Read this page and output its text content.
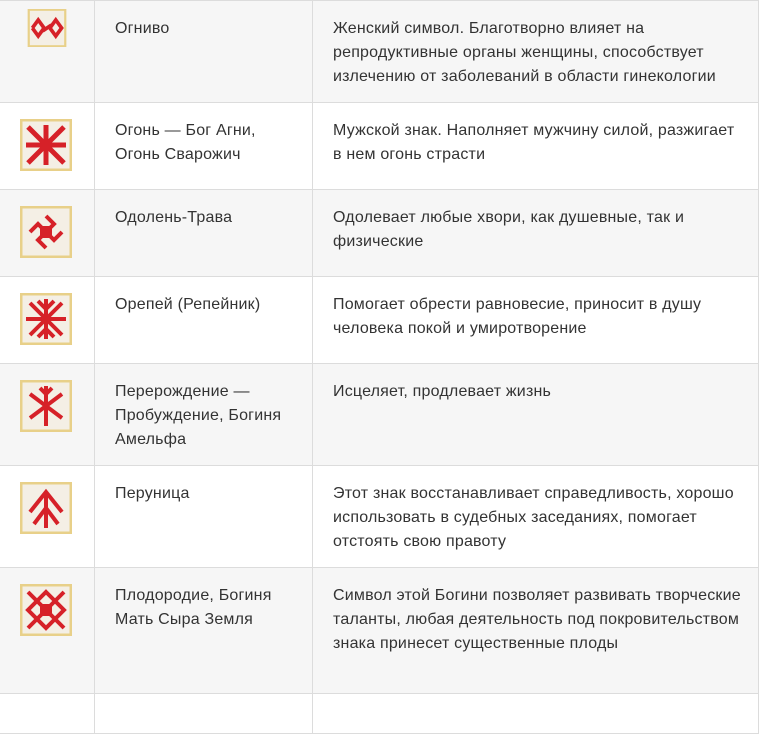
	Огниво	Женский символ. Благотворно влияет на репродуктивные органы женщины, способствует излечению от заболеваний в области гинекологии

	Огонь — Бог Агни, Огонь Сварожич	Мужской знак. Наполняет мужчину силой, разжигает в нем огонь страсти

	Одолень-Трава	Одолевает любые хвори, как душевные, так и физические

	Орепей (Репейник)	Помогает обрести равновесие, приносит в душу человека покой и умиротворение

	Перерождение — Пробуждение, Богиня Амельфа	Исцеляет, продлевает жизнь

	Перуница	Этот знак восстанавливает справедливость, хорошо использовать в судебных заседаниях, помогает отстоять свою правоту

	Плодородие, Богиня Мать Сыра Земля	Символ этой Богини позволяет развивать творческие таланты, любая деятельность под покровительством знака принесет существенные плоды
